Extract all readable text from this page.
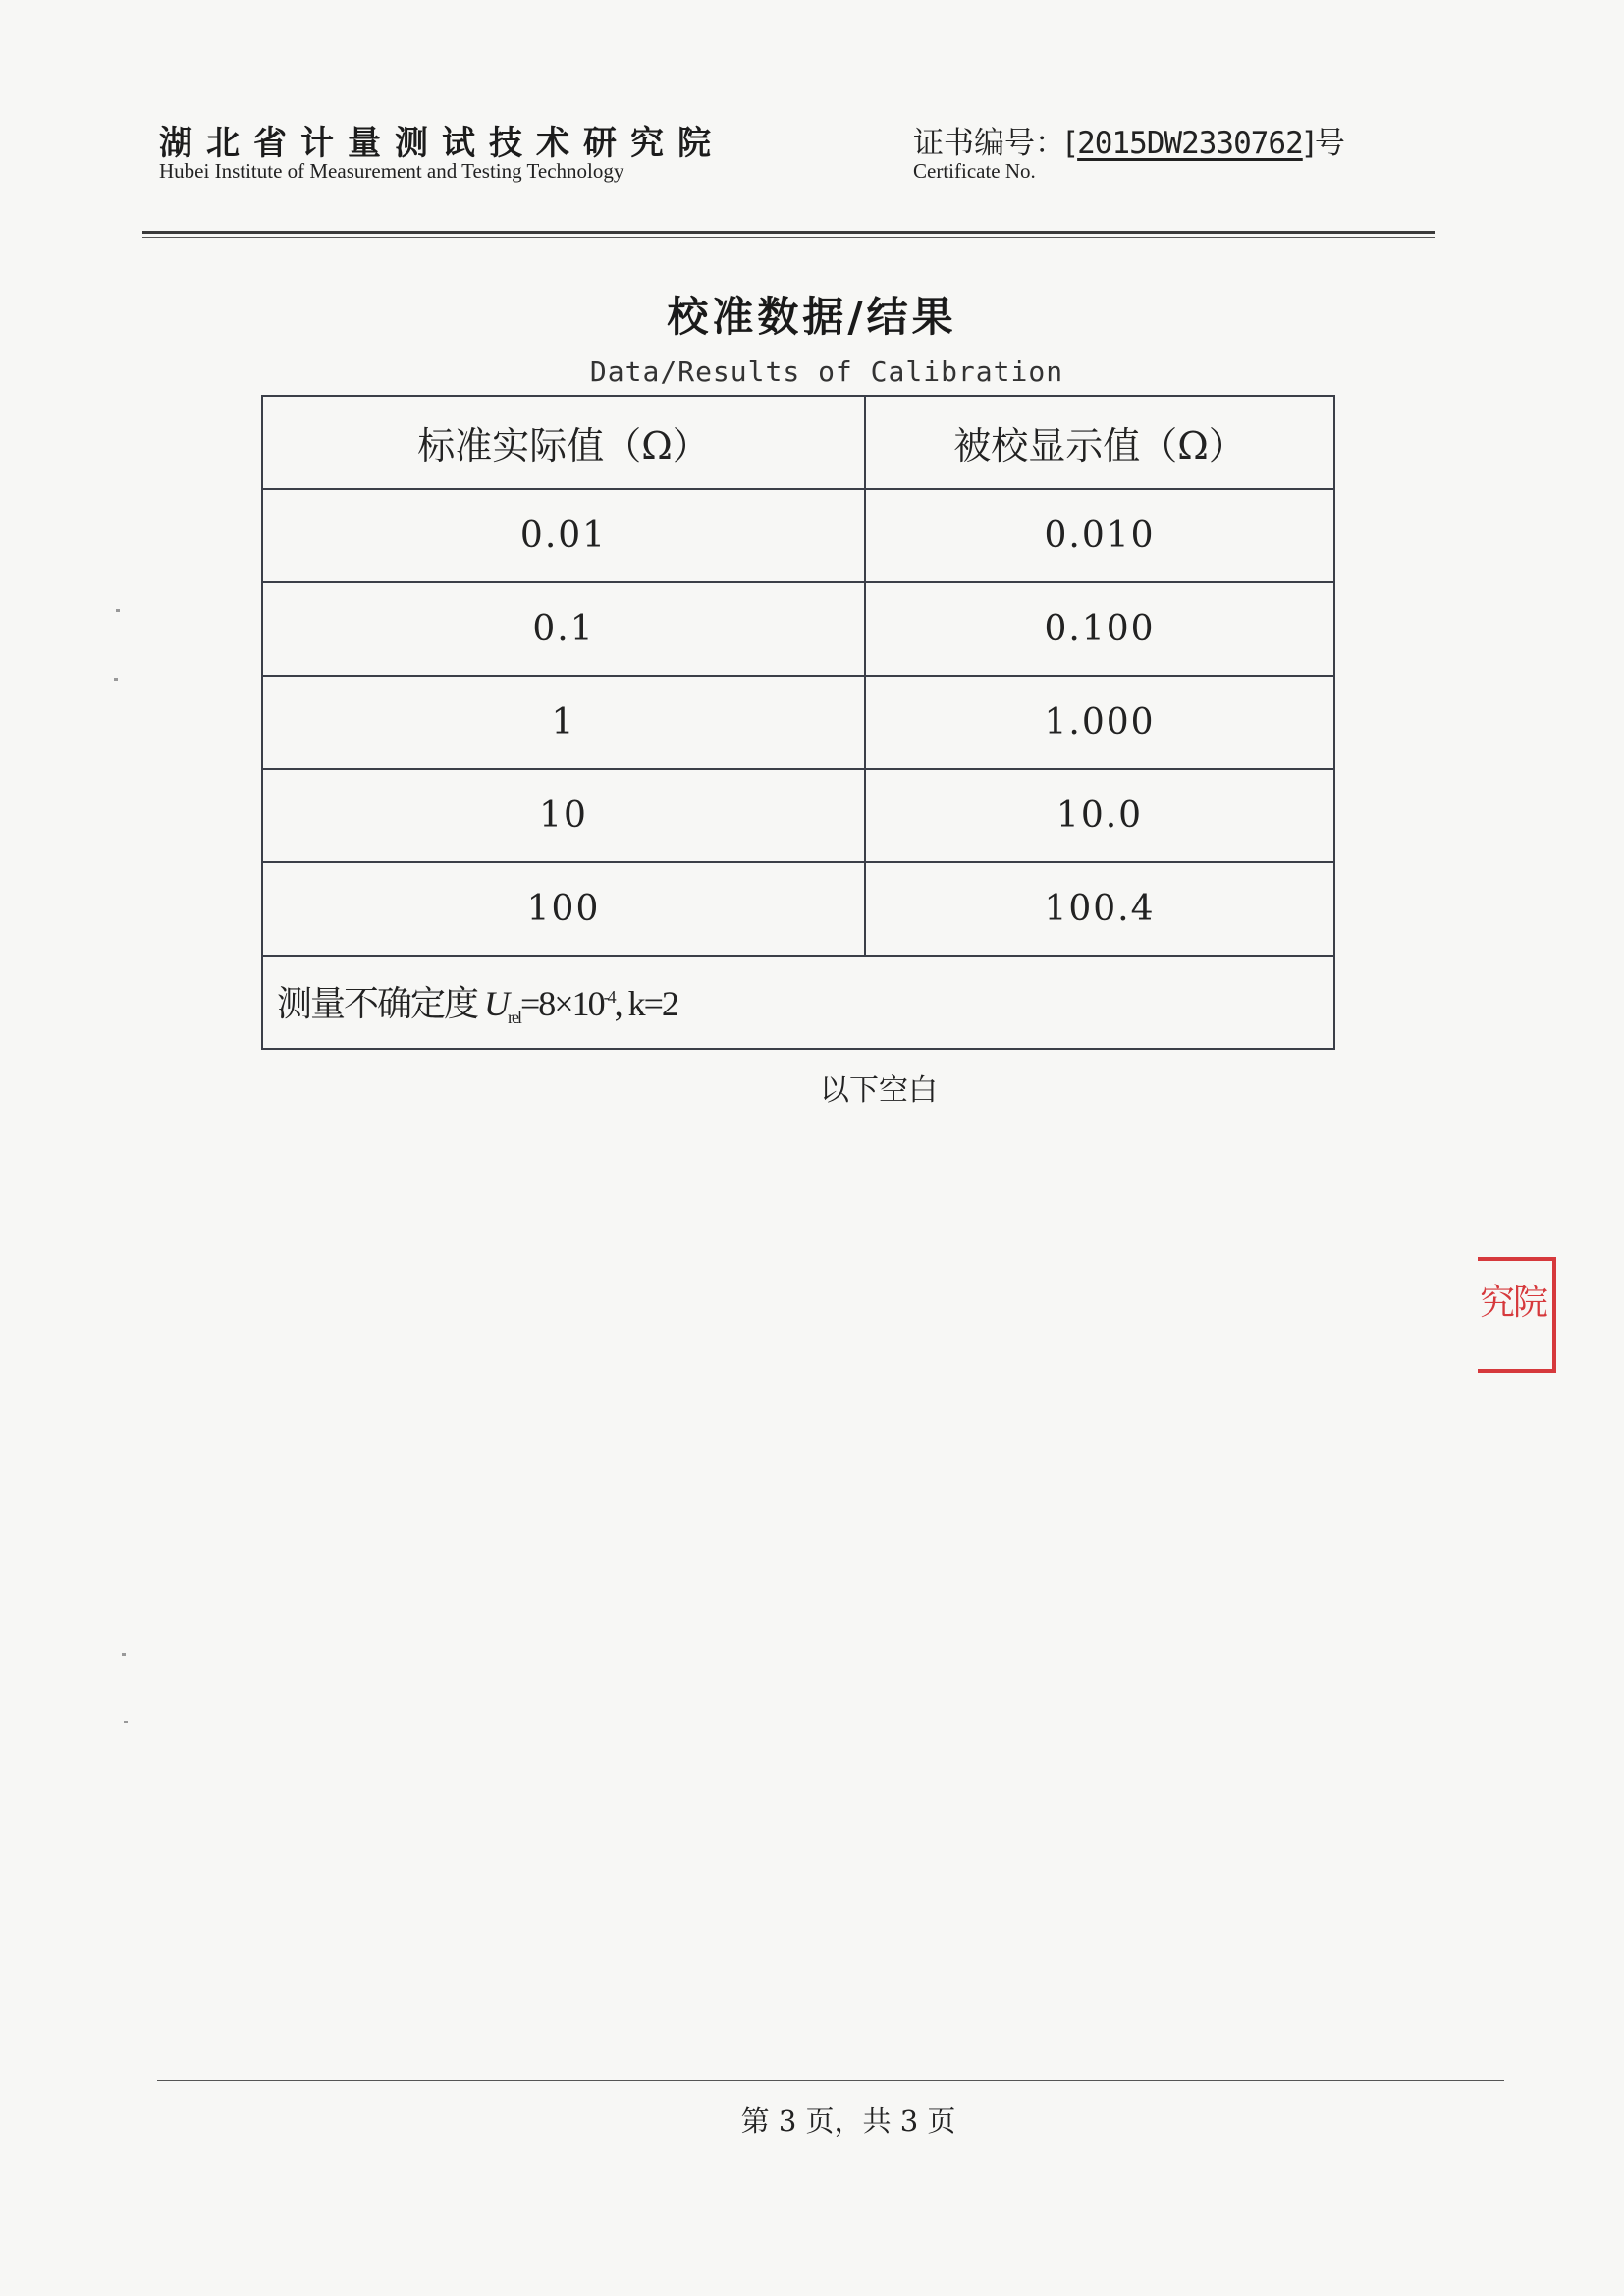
湖北省计量测试技术研究院
Hubei Institute of Measurement and Testing Technology
证书编号：[2015DW2330762]号
Certificate No.
校准数据/结果
Data/Results of Calibration
标准实际值（Ω）	被校显示值（Ω）
0.01	0.010
0.1	0.100
1	1.000
10	10.0
100	100.4
测量不确定度 $U_{rel}=8\times 10^{-4}$, k=2	
以下空白
究院
第 3 页，共 3 页
